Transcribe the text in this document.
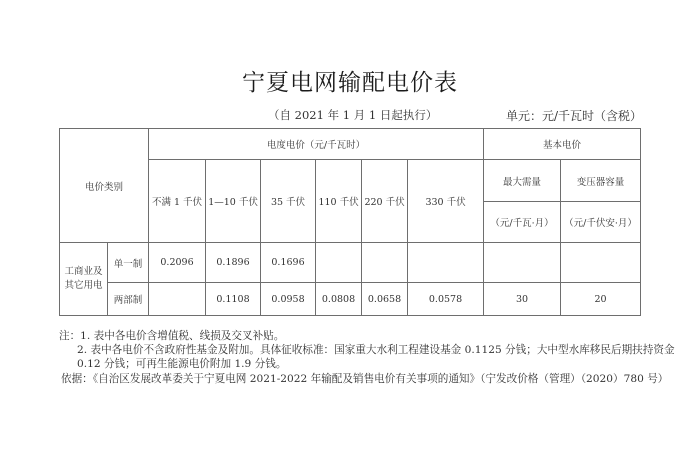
宁夏电网输配电价表
（自 2021 年 1 月 1 日起执行）	单元：元/千瓦时（含税）
电价类别		电度电价（元/千瓦时）						基本电价	
		不满 1 千伏	1—10 千伏	35 千伏	110 千伏	220 千伏	330 千伏	最大需量	变压器容量
								（元/千瓦·月）	（元/千伏安·月）
工商业及其它用电	单一制	0.2096	0.1896	0.1696					
	两部制		0.1108	0.0958	0.0808	0.0658	0.0578	30	20
注：1. 表中各电价含增值税、线损及交叉补贴。
2. 表中各电价不含政府性基金及附加。具体征收标准：国家重大水利工程建设基金 0.1125 分钱；大中型水库移民后期扶持资金
0.12 分钱；可再生能源电价附加 1.9 分钱。
依据：《自治区发展改革委关于宁夏电网 2021-2022 年输配及销售电价有关事项的通知》（宁发改价格（管理）（2020）780 号）
